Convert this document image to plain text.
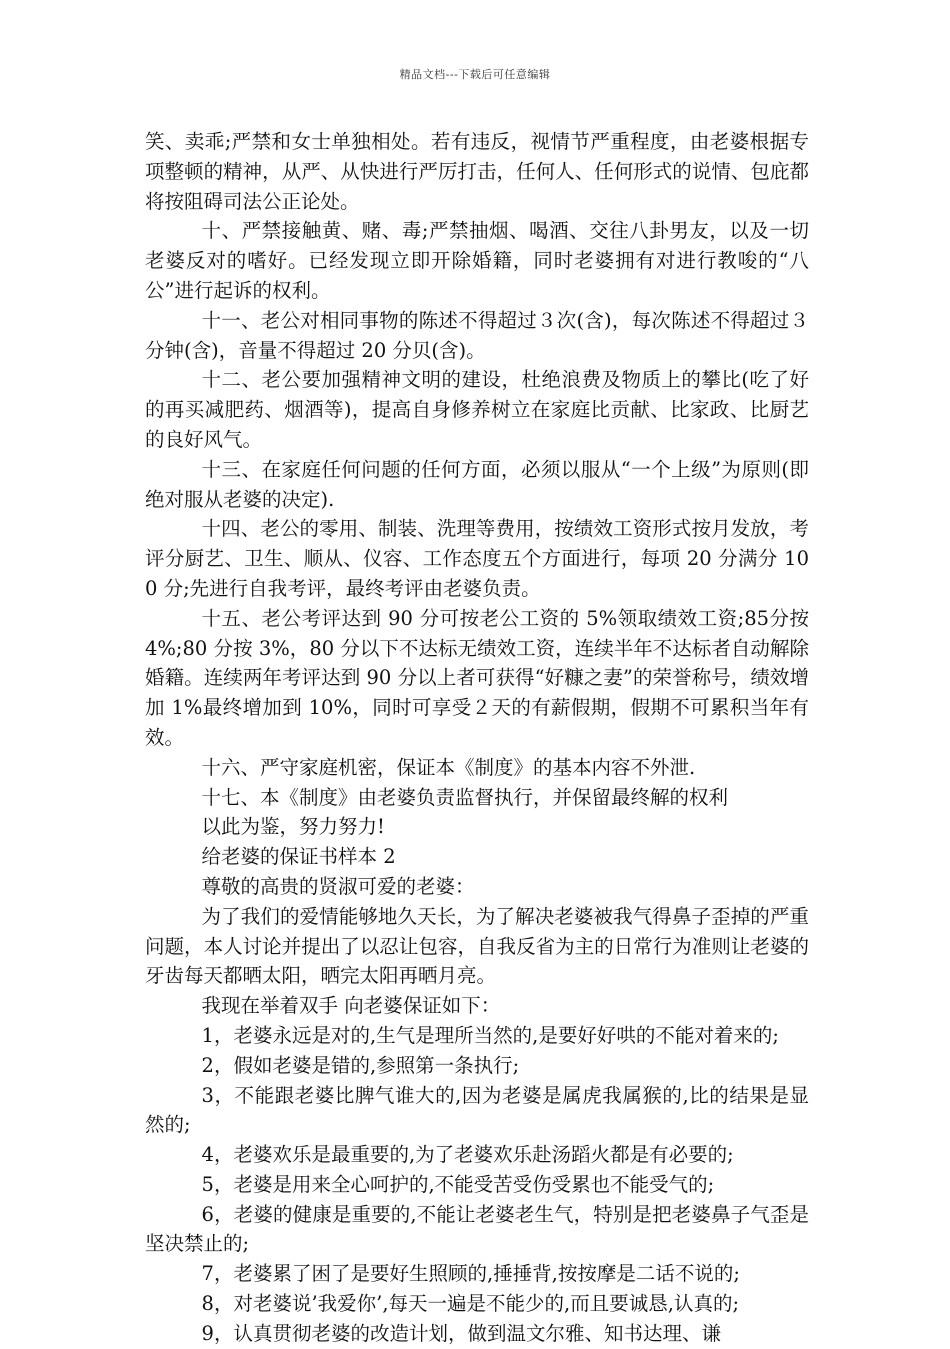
精品文档---下载后可任意编辑

笑、卖乖;严禁和女士单独相处。若有违反，视情节严重程度，由老婆根据专项整顿的精神，从严、从快进行严厉打击，任何人、任何形式的说情、包庇都将按阻碍司法公正论处。

十、严禁接触黄、赌、毒;严禁抽烟、喝酒、交往八卦男友，以及一切老婆反对的嗜好。已经发现立即开除婚籍，同时老婆拥有对进行教唆的“八公”进行起诉的权利。

十一、老公对相同事物的陈述不得超过３次(含)，每次陈述不得超过３分钟(含)，音量不得超过 20 分贝(含)。

十二、老公要加强精神文明的建设，杜绝浪费及物质上的攀比(吃了好的再买减肥药、烟酒等)，提高自身修养树立在家庭比贡献、比家政、比厨艺的良好风气。

十三、在家庭任何问题的任何方面，必须以服从“一个上级”为原则(即绝对服从老婆的决定).

十四、老公的零用、制装、洗理等费用，按绩效工资形式按月发放，考评分厨艺、卫生、顺从、仪容、工作态度五个方面进行，每项 20 分满分 100 分;先进行自我考评，最终考评由老婆负责。

十五、老公考评达到 90 分可按老公工资的 5%领取绩效工资;85分按 4%;80 分按 3%，80 分以下不达标无绩效工资，连续半年不达标者自动解除婚籍。连续两年考评达到 90 分以上者可获得“好糠之妻”的荣誉称号，绩效增加 1%最终增加到 10%，同时可享受２天的有薪假期，假期不可累积当年有效。

十六、严守家庭机密，保证本《制度》的基本内容不外泄.

十七、本《制度》由老婆负责监督执行，并保留最终解的权利

以此为鉴，努力努力!

给老婆的保证书样本 2

尊敬的高贵的贤淑可爱的老婆：

为了我们的爱情能够地久天长，为了解决老婆被我气得鼻子歪掉的严重问题，本人讨论并提出了以忍让包容，自我反省为主的日常行为准则让老婆的牙齿每天都晒太阳，晒完太阳再晒月亮。

我现在举着双手 向老婆保证如下：

1，老婆永远是对的,生气是理所当然的,是要好好哄的不能对着来的;

2，假如老婆是错的,参照第一条执行;

3，不能跟老婆比脾气谁大的,因为老婆是属虎我属猴的,比的结果是显然的;

4，老婆欢乐是最重要的,为了老婆欢乐赴汤蹈火都是有必要的;

5，老婆是用来全心呵护的,不能受苦受伤受累也不能受气的;

6，老婆的健康是重要的,不能让老婆老生气，特别是把老婆鼻子气歪是坚决禁止的;

7，老婆累了困了是要好生照顾的,捶捶背,按按摩是二话不说的;

8，对老婆说’我爱你’,每天一遍是不能少的,而且要诚恳,认真的;

9，认真贯彻老婆的改造计划，做到温文尔雅、知书达理、谦
